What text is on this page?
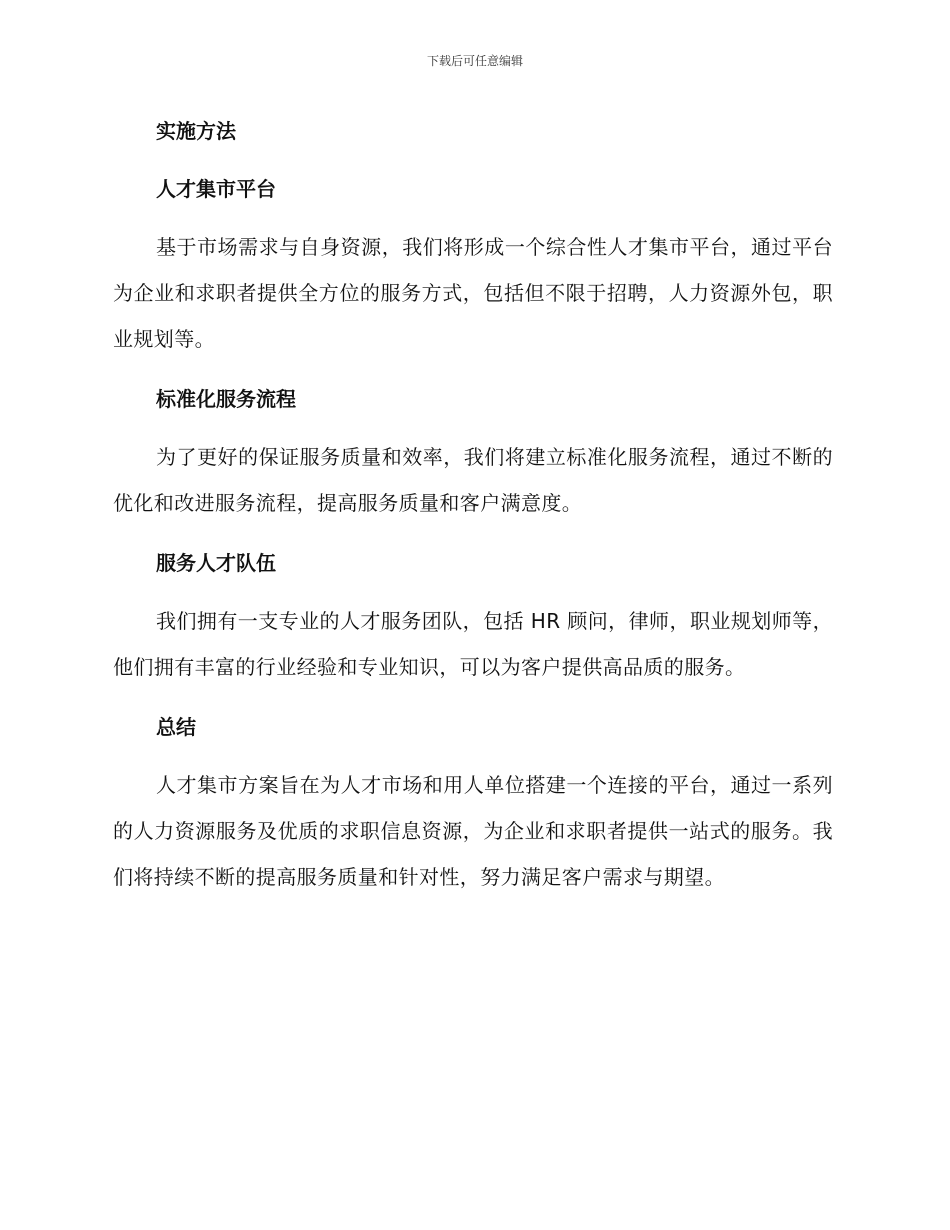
下载后可任意编辑
实施方法
人才集市平台

基于市场需求与自身资源，我们将形成一个综合性人才集市平台，通过平台为企业和求职者提供全方位的服务方式，包括但不限于招聘，人力资源外包，职业规划等。

标准化服务流程

为了更好的保证服务质量和效率，我们将建立标准化服务流程，通过不断的优化和改进服务流程，提高服务质量和客户满意度。

服务人才队伍

我们拥有一支专业的人才服务团队，包括 HR 顾问，律师，职业规划师等，他们拥有丰富的行业经验和专业知识，可以为客户提供高品质的服务。

总结

人才集市方案旨在为人才市场和用人单位搭建一个连接的平台，通过一系列的人力资源服务及优质的求职信息资源，为企业和求职者提供一站式的服务。我们将持续不断的提高服务质量和针对性，努力满足客户需求与期望。
